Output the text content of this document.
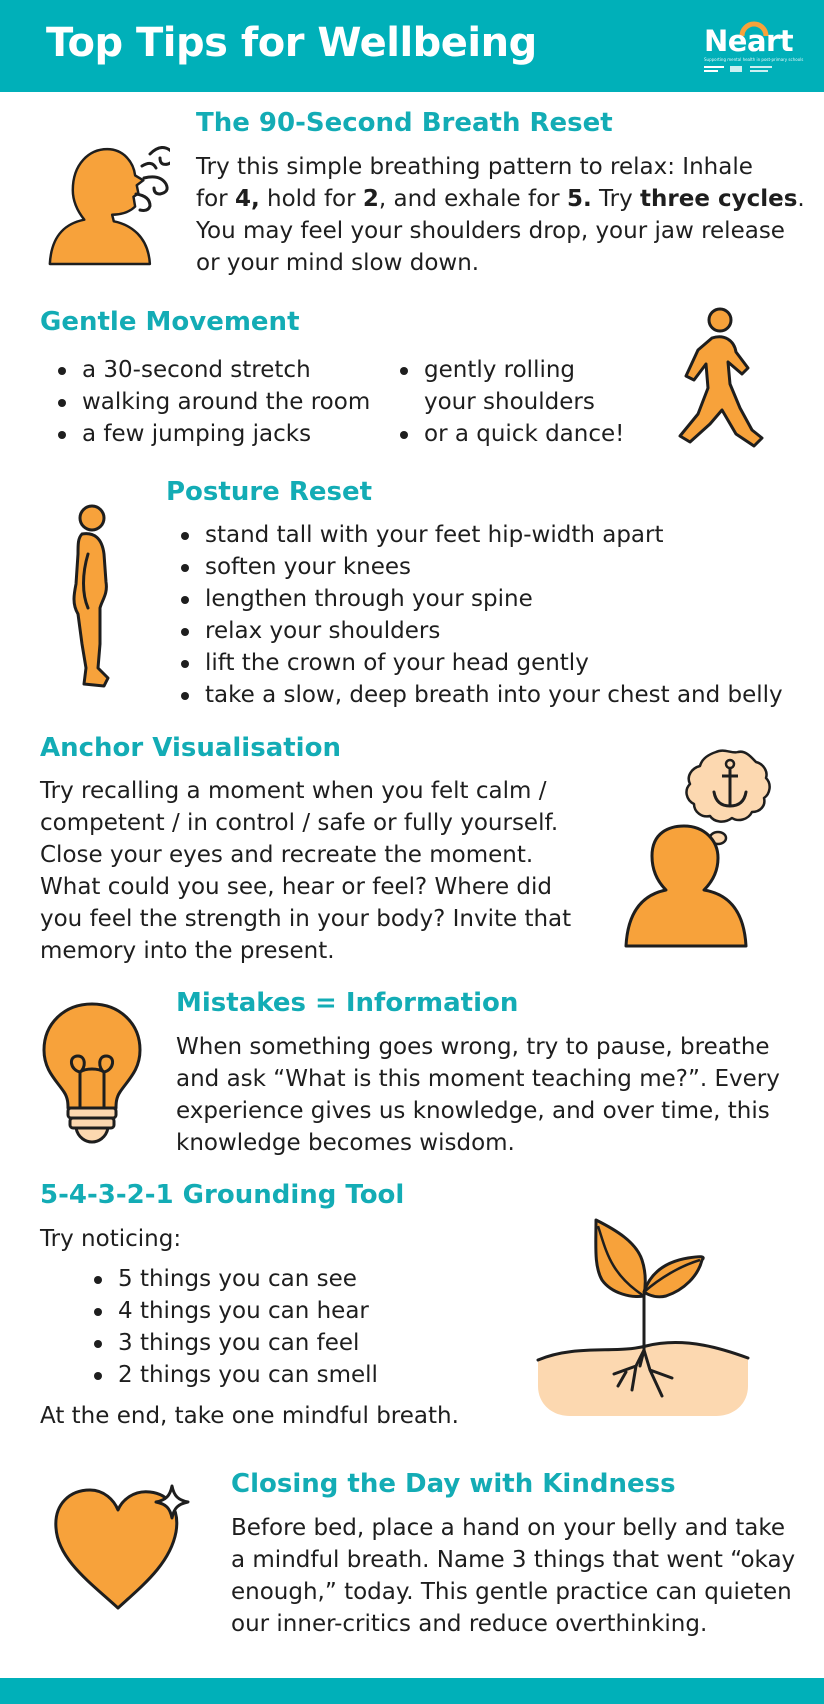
Top Tips for Wellbeing	Neart
Supporting mental health in post-primary schools
The 90-Second Breath Reset
Try this simple breathing pattern to relax: Inhale
for 4, hold for 2, and exhale for 5. Try three cycles.
You may feel your shoulders drop, your jaw release
or your mind slow down.
Gentle Movement
a 30-second stretch
walking around the room
a few jumping jacks
gently rolling
your shoulders
or a quick dance!
Posture Reset
stand tall with your feet hip-width apart
soften your knees
lengthen through your spine
relax your shoulders
lift the crown of your head gently
take a slow, deep breath into your chest and belly
Anchor Visualisation
Try recalling a moment when you felt calm /
competent / in control / safe or fully yourself.
Close your eyes and recreate the moment.
What could you see, hear or feel? Where did
you feel the strength in your body? Invite that
memory into the present.
Mistakes = Information
When something goes wrong, try to pause, breathe
and ask “What is this moment teaching me?”. Every
experience gives us knowledge, and over time, this
knowledge becomes wisdom.
5-4-3-2-1 Grounding Tool
Try noticing:
5 things you can see
4 things you can hear
3 things you can feel
2 things you can smell
At the end, take one mindful breath.
Closing the Day with Kindness
Before bed, place a hand on your belly and take
a mindful breath. Name 3 things that went “okay
enough,” today. This gentle practice can quieten
our inner-critics and reduce overthinking.
